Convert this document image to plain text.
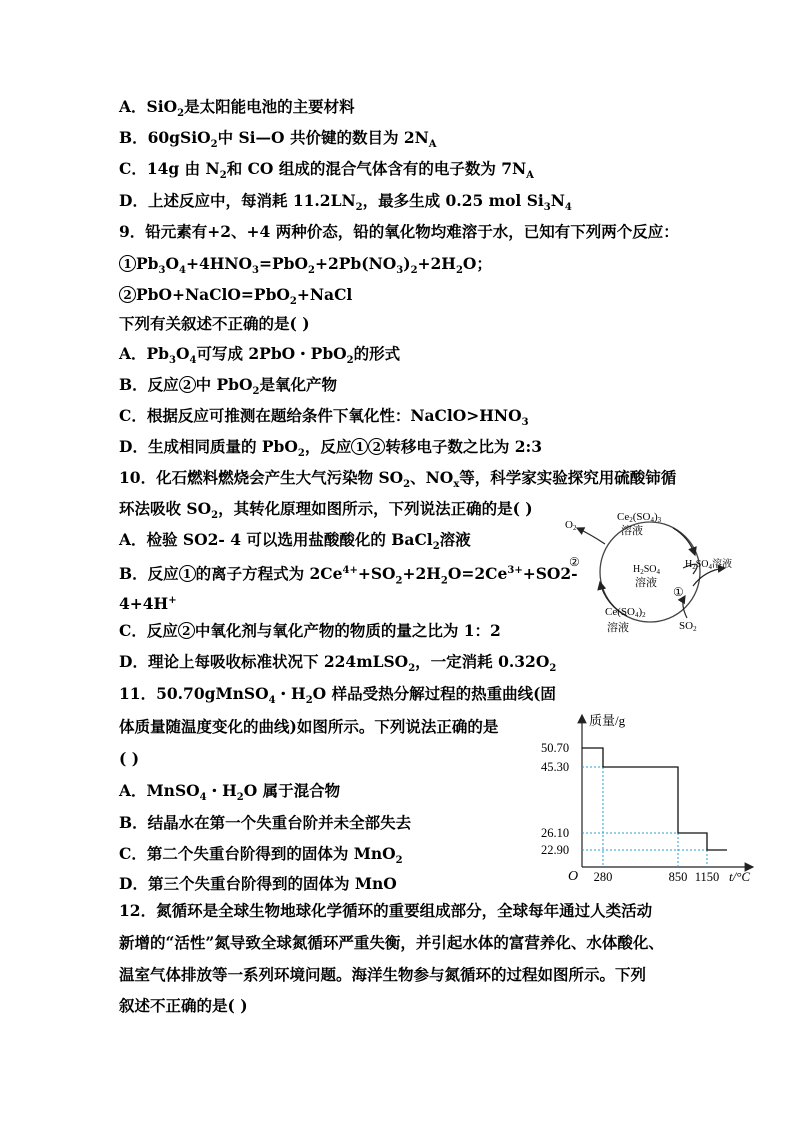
A．SiO$_2$是太阳能电池的主要材料
B．60gSiO$_2$中 Si—O 共价键的数目为 $2N_A$
C．14g 由 $N_2$和 CO 组成的混合气体含有的电子数为 $7N_A$
D．上述反应中，每消耗 $11.2LN_2$，最多生成 0.25 mol $Si_3N_4$
9．铅元素有+2、+4 两种价态，铅的氧化物均难溶于水，已知有下列两个反应：
1 $Pb_3O_4+4HNO_3=PbO_2+2Pb(NO_3)_2+2H_2O$；
2 PbO+NaClO=PbO$_2$+NaCl
下列有关叙述不正确的是( )
A．$Pb_3O_4$可写成 2PbO・PbO$_2$的形式
B．反应 2 中 PbO$_2$是氧化产物
C．根据反应可推测在题给条件下氧化性：$NaClO>HNO_3$
D．生成相同质量的 PbO$_2$，反应 1 2 转移电子数之比为 2:3
10．化石燃料燃烧会产生大气污染物 $SO_2$、$NO_x$等，科学家实验探究用硫酸铈循
环法吸收 $SO_2$，其转化原理如图所示，下列说法正确的是( )
A．检验 SO2- 4 可以选用盐酸酸化的 BaCl$_2$溶液
B．反应 1 的离子方程式为 $2Ce^{4+}+SO_2+2H_2O=2Ce^{3+}+SO2-$
4+4H+
C．反应 2 中氧化剂与氧化产物的物质的量之比为 1：2
D．理论上每吸收标准状况下 224mLSO$_2$，一定消耗 $0.32O_2$
O2
Ce2(SO4)3
溶液
②
$H_2SO_4$
溶液
$H_2SO_4$溶液
①
Ce(SO4)2
溶液	SO2
11．50.70gMnSO$_4$・$H_2O$ 样品受热分解过程的热重曲线(固
体质量随温度变化的曲线)如图所示。下列说法正确的是
( )
A．MnSO$_4$・$H_2O$ 属于混合物
B．结晶水在第一个失重台阶并未全部失去
C．第二个失重台阶得到的固体为 MnO$_2$
D．第三个失重台阶得到的固体为 MnO
质量/g
t/°C
O
50.70
45.30
26.10
22.90
280	850 1150
12．氮循环是全球生物地球化学循环的重要组成部分，全球每年通过人类活动
新增的“活性”氮导致全球氮循环严重失衡，并引起水体的富营养化、水体酸化、
温室气体排放等一系列环境问题。海洋生物参与氮循环的过程如图所示。下列
叙述不正确的是( )
